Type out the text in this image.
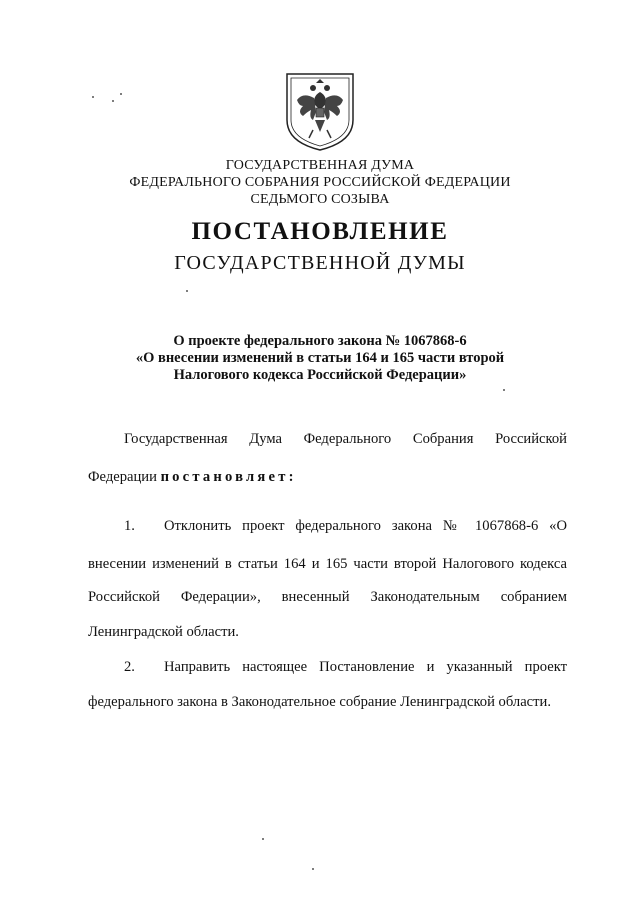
ГОСУДАРСТВЕННАЯ ДУМА
ФЕДЕРАЛЬНОГО СОБРАНИЯ РОССИЙСКОЙ ФЕДЕРАЦИИ
СЕДЬМОГО СОЗЫВА
ПОСТАНОВЛЕНИЕ
ГОСУДАРСТВЕННОЙ ДУМЫ
О проекте федерального закона № 1067868-6
«О внесении изменений в статьи 164 и 165 части второй
Налогового кодекса Российской Федерации»
Государственная Дума Федерального Собрания Российской
Федерации постановляет:
1. Отклонить проект федерального закона № 1067868-6 «О
внесении изменений в статьи 164 и 165 части второй Налогового кодекса
Российской Федерации», внесенный Законодательным собранием
Ленинградской области.
2. Направить настоящее Постановление и указанный проект
федерального закона в Законодательное собрание Ленинградской области.
